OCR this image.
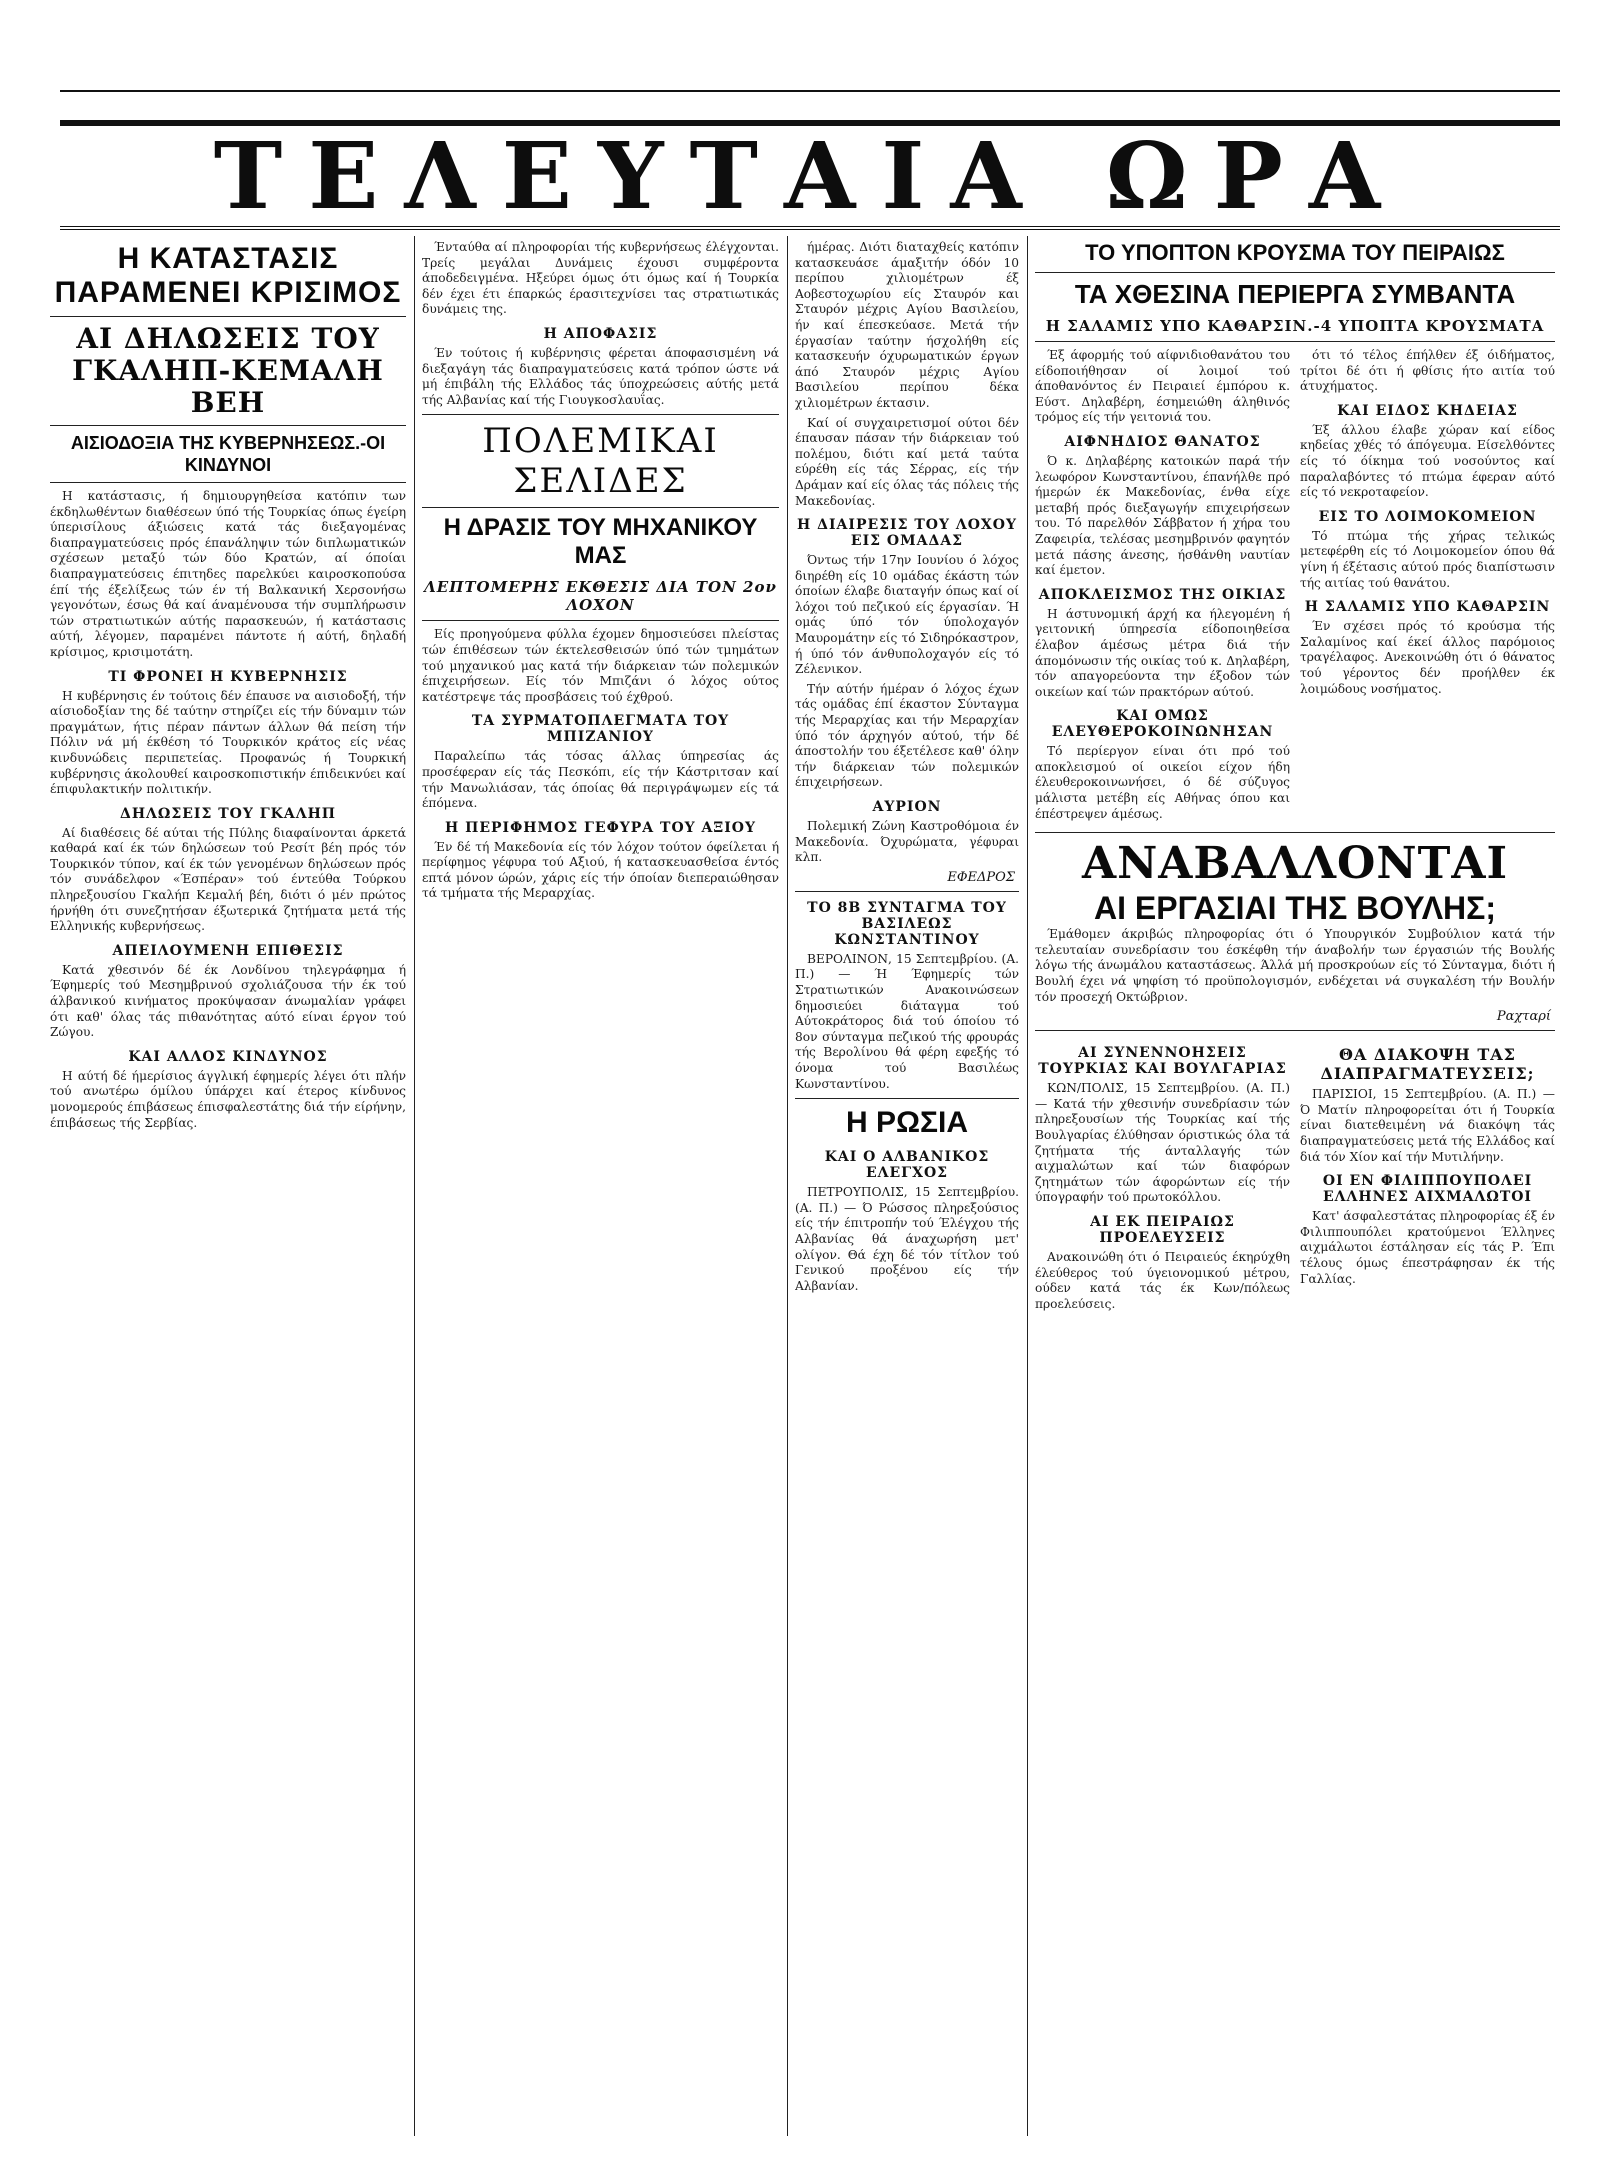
ΤΕΛΕΥΤΑΙΑ ΩΡΑ
Η ΚΑΤΑΣΤΑΣΙΣ ΠΑΡΑΜΕΝΕΙ ΚΡΙΣΙΜΟΣ
ΑΙ ΔΗΛΩΣΕΙΣ ΤΟΥ ΓΚΑΛΗΠ-ΚΕΜΑΛΗ ΒΕΗ
ΑΙΣΙΟΔΟΞΙΑ ΤΗΣ ΚΥΒΕΡΝΗΣΕΩΣ.-ΟΙ ΚΙΝΔΥΝΟΙ

Η κατάστασις, ή δημιουργηθείσα κατόπιν των έκδηλωθέντων διαθέσεων ύπό τής Τουρκίας όπως έγείρη ύπερισίλους άξιώσεις κατά τάς διεξαγομένας διαπραγματεύσεις πρός έπανάληψιν τών διπλωματικών σχέσεων μεταξύ τών δύο Κρατών, αί όποίαι διαπραγματεύσεις έπιτηδες παρελκύει καιροσκοπούσα έπί τής έξελίξεως τών έν τή Βαλκανική Χερσονήσω γεγονότων, έσως θά καί άναμένουσα τήν συμπλήρωσιν τών στρατιωτικών αύτής παρασκευών, ή κατάστασις αύτή, λέγομεν, παραμένει πάντοτε ή αύτή, δηλαδή κρίσιμος, κρισιμοτάτη.

ΤΙ ΦΡΟΝΕΙ Η ΚΥΒΕΡΝΗΣΙΣ

Η κυβέρνησις έν τούτοις δέν έπαυσε να αισιοδοξή, τήν αίσιοδοξίαν της δέ ταύτην στηρίζει είς τήν δύναμιν τών πραγμάτων, ήτις πέραν πάντων άλλων θά πείση τήν Πόλιν νά μή έκθέση τό Τουρκικόν κράτος είς νέας κινδυνώδεις περιπετείας. Προφανώς ή Τουρκική κυβέρνησις άκολουθεί καιροσκοπιστικήν έπιδεικνύει καί έπιφυλακτικήν πολιτικήν.

ΔΗΛΩΣΕΙΣ ΤΟΥ ΓΚΑΛΗΠ

Αί διαθέσεις δέ αύται τής Πύλης διαφαίνονται άρκετά καθαρά καί έκ τών δηλώσεων τού Ρεσίτ βέη πρός τόν Τουρκικόν τύπον, καί έκ τών γενομένων δηλώσεων πρός τόν συνάδελφον «Έσπέραν» τού έντεύθα Τούρκου πληρεξουσίου Γκαλήπ Κεμαλή βέη, διότι ό μέν πρώτος ήρνήθη ότι συνεζητήσαν έξωτερικά ζητήματα μετά τής Ελληνικής κυβερνήσεως.

ΑΠΕΙΛΟΥΜΕΝΗ ΕΠΙΘΕΣΙΣ

Κατά χθεσινόν δέ έκ Λονδίνου τηλεγράφημα ή Έφημερίς τού Μεσημβρινού σχολιάζουσα τήν έκ τού άλβανικού κινήματος προκύψασαν άνωμαλίαν γράφει ότι καθ' όλας τάς πιθανότητας αύτό είναι έργον τού Ζώγου.

ΚΑΙ ΑΛΛΟΣ ΚΙΝΔΥΝΟΣ

Η αύτή δέ ήμερίσιος άγγλική έφημερίς λέγει ότι πλήν τού ανωτέρω όμίλου ύπάρχει καί έτερος κίνδυνος μονομερούς έπιβάσεως έπισφαλεστάτης διά τήν είρήνην, έπιβάσεως τής Σερβίας.

Ένταύθα αί πληροφορίαι τής κυβερνήσεως έλέγχονται. Τρείς μεγάλαι Δυνάμεις έχουσι συμφέροντα άποδεδειγμένα. Ηξεύρει όμως ότι όμως καί ή Τουρκία δέν έχει έτι έπαρκώς έρασιτεχνίσει τας στρατιωτικάς δυνάμεις της.

Η ΑΠΟΦΑΣΙΣ

Έν τούτοις ή κυβέρνησις φέρεται άποφασισμένη νά διεξαγάγη τάς διαπραγματεύσεις κατά τρόπον ώστε νά μή έπιβάλη τής Ελλάδος τάς ύποχρεώσεις αύτής μετά τής Αλβανίας καί τής Γιουγκοσλαυΐας.

ΠΟΛΕΜΙΚΑΙ ΣΕΛΙΔΕΣ
Η ΔΡΑΣΙΣ ΤΟΥ ΜΗΧΑΝΙΚΟΥ ΜΑΣ
ΛΕΠΤΟΜΕΡΗΣ ΕΚΘΕΣΙΣ ΔΙΑ ΤΟΝ 2ον ΛΟΧΟΝ

Είς προηγούμενα φύλλα έχομεν δημοσιεύσει πλείστας τών έπιθέσεων τών έκτελεσθεισών ύπό τών τμημάτων τού μηχανικού μας κατά τήν διάρκειαν τών πολεμικών έπιχειρήσεων. Είς τόν Μπιζάνι ό λόχος ούτος κατέστρεψε τάς προσβάσεις τού έχθρού.

ΤΑ ΣΥΡΜΑΤΟΠΛΕΓΜΑΤΑ ΤΟΥ ΜΠΙΖΑΝΙΟΥ

Παραλείπω τάς τόσας άλλας ύπηρεσίας άς προσέφεραν είς τάς Πεσκόπι, είς τήν Κάστριτσαν καί τήν Μανωλιάσαν, τάς όποίας θά περιγράψωμεν είς τά έπόμενα.

Η ΠΕΡΙΦΗΜΟΣ ΓΕΦΥΡΑ ΤΟΥ ΑΞΙΟΥ

Έν δέ τή Μακεδονία είς τόν λόχον τούτον όφείλεται ή περίφημος γέφυρα τού Αξιού, ή κατασκευασθείσα έντός επτά μόνον ώρών, χάρις είς τήν όποίαν διεπεραιώθησαν τά τμήματα τής Μεραρχίας.

ήμέρας. Διότι διαταχθείς κατόπιν κατασκευάσε άμαξιτήν όδόν 10 περίπου χιλιομέτρων έξ Αοβεστοχωρίου είς Σταυρόν και Σταυρόν μέχρις Αγίου Βασιλείου, ήν καί έπεσκεύασε. Μετά τήν έργασίαν ταύτην ήσχολήθη είς κατασκευήν όχυρωματικών έργων άπό Σταυρόν μέχρις Αγίου Βασιλείου περίπου δέκα χιλιομέτρων έκτασιν.

Καί οί συγχαιρετισμοί ούτοι δέν έπαυσαν πάσαν τήν διάρκειαν τού πολέμου, διότι καί μετά ταύτα εύρέθη είς τάς Σέρρας, είς τήν Δράμαν καί είς όλας τάς πόλεις τής Μακεδονίας.

Η ΔΙΑΙΡΕΣΙΣ ΤΟΥ ΛΟΧΟΥ ΕΙΣ ΟΜΑΔΑΣ

Όντως τήν 17ην Ιουνίου ό λόχος διηρέθη είς 10 ομάδας έκάστη τών όποίων έλαβε διαταγήν όπως καί οί λόχοι τού πεζικού είς έργασίαν. Ή ομάς ύπό τόν ύπολοχαγόν Μαυρομάτην είς τό Σιδηρόκαστρον, ή ύπό τόν άνθυπολοχαγόν είς τό Ζέλενικον.

Τήν αύτήν ήμέραν ό λόχος έχων τάς ομάδας έπί έκαστον Σύνταγμα τής Μεραρχίας και τήν Μεραρχίαν ύπό τόν άρχηγόν αύτού, τήν δέ άποστολήν του έξετέλεσε καθ' όλην τήν διάρκειαν τών πολεμικών έπιχειρήσεων.

ΑΥΡΙΟΝ

Πολεμική Ζώνη Καστροθόμοια έν Μακεδονία. Όχυρώματα, γέφυραι κλπ.

ΕΦΕΔΡΟΣ
ΤΟ 8Β ΣΥΝΤΑΓΜΑ ΤΟΥ ΒΑΣΙΛΕΩΣ ΚΩΝΣΤΑΝΤΙΝΟΥ

ΒΕΡΟΛΙΝΟΝ, 15 Σεπτεμβρίου. (Α. Π.) — Ή Έφημερίς τών Στρατιωτικών Ανακοινώσεων δημοσιεύει διάταγμα τού Αύτοκράτορος διά τού όποίου τό 8ον σύνταγμα πεζικού τής φρουράς τής Βερολίνου θά φέρη εφεξής τό όνομα τού Βασιλέως Κωνσταντίνου.

Η ΡΩΣΙΑ
ΚΑΙ Ο ΑΛΒΑΝΙΚΟΣ ΕΛΕΓΧΟΣ

ΠΕΤΡΟΥΠΟΛΙΣ, 15 Σεπτεμβρίου. (Α. Π.) — Ό Ρώσσος πληρεξούσιος είς τήν έπιτροπήν τού Έλέγχου τής Αλβανίας θά άναχωρήση μετ' ολίγον. Θά έχη δέ τόν τίτλον τού Γενικού προξένου είς τήν Αλβανίαν.

ΤΟ ΥΠΟΠΤΟΝ ΚΡΟΥΣΜΑ ΤΟΥ ΠΕΙΡΑΙΩΣ
ΤΑ ΧΘΕΣΙΝΑ ΠΕΡΙΕΡΓΑ ΣΥΜΒΑΝΤΑ
Η ΣΑΛΑΜΙΣ ΥΠΟ ΚΑΘΑΡΣΙΝ.-4 ΥΠΟΠΤΑ ΚΡΟΥΣΜΑΤΑ

Έξ άφορμής τού αίφνιδιοθανάτου του είδοποιήθησαν οί λοιμοί τού άποθανόντος έν Πειραιεί έμπόρου κ. Εύστ. Δηλαβέρη, έσημειώθη άληθινός τρόμος είς τήν γειτονιά του.

ΑΙΦΝΗΔΙΟΣ ΘΑΝΑΤΟΣ

Ό κ. Δηλαβέρης κατοικών παρά τήν λεωφόρον Κωνσταντίνου, έπανήλθε πρό ήμερών έκ Μακεδονίας, ένθα είχε μεταβή πρός διεξαγωγήν επιχειρήσεων του. Τό παρελθόν Σάββατον ή χήρα του Ζαφειρία, τελέσας μεσημβρινόν φαγητόν μετά πάσης άνεσης, ήσθάνθη ναυτίαν καί έμετον.

ΑΠΟΚΛΕΙΣΜΟΣ ΤΗΣ ΟΙΚΙΑΣ

Η άστυνομική άρχή κα ήλεγομένη ή γειτονική ύπηρεσία είδοποιηθείσα έλαβον άμέσως μέτρα διά τήν άπομόνωσιν τής οικίας τού κ. Δηλαβέρη, τόν απαγορεύοντα την έξοδον τών οικείων καί τών πρακτόρων αύτού.

ΚΑΙ ΟΜΩΣ ΕΛΕΥΘΕΡΟΚΟΙΝΩΝΗΣΑΝ

Τό περίεργον είναι ότι πρό τού αποκλεισμού οί οικείοι είχον ήδη έλευθεροκοινωνήσει, ό δέ σύζυγος μάλιστα μετέβη είς Αθήνας όπου και έπέστρεψεν άμέσως.

ότι τό τέλος έπήλθεν έξ όιδήματος, τρίτοι δέ ότι ή φθίσις ήτο αιτία τού άτυχήματος.

ΚΑΙ ΕΙΔΟΣ ΚΗΔΕΙΑΣ

Έξ άλλου έλαβε χώραν καί είδος κηδείας χθές τό άπόγευμα. Είσελθόντες είς τό όίκημα τού νοσούντος καί παραλαβόντες τό πτώμα έφεραν αύτό είς τό νεκροταφείον.

ΕΙΣ ΤΟ ΛΟΙΜΟΚΟΜΕΙΟΝ

Τό πτώμα τής χήρας τελικώς μετεφέρθη είς τό Λοιμοκομείον όπου θά γίνη ή έξέτασις αύτού πρός διαπίστωσιν τής αιτίας τού θανάτου.

Η ΣΑΛΑΜΙΣ ΥΠΟ ΚΑΘΑΡΣΙΝ

Έν σχέσει πρός τό κρούσμα τής Σαλαμίνος καί έκεί άλλος παρόμοιος τραγέλαφος. Ανεκοινώθη ότι ό θάνατος τού γέροντος δέν προήλθεν έκ λοιμώδους νοσήματος.

ΑΝΑΒΑΛΛΟΝΤΑΙ
ΑΙ ΕΡΓΑΣΙΑΙ ΤΗΣ ΒΟΥΛΗΣ;

Έμάθομεν άκριβώς πληροφορίας ότι ό Υπουργικόν Συμβούλιον κατά τήν τελευταίαν συνεδρίασιν του έσκέφθη τήν άναβολήν των έργασιών τής Βουλής λόγω τής άνωμάλου καταστάσεως. Άλλά μή προσκρούων είς τό Σύνταγμα, διότι ή Βουλή έχει νά ψηφίση τό προϋπολογισμόν, ενδέχεται νά συγκαλέση τήν Βουλήν τόν προσεχή Οκτώβριον.

Ραχταρί
ΑΙ ΣΥΝΕΝΝΟΗΣΕΙΣ ΤΟΥΡΚΙΑΣ ΚΑΙ ΒΟΥΛΓΑΡΙΑΣ

ΚΩΝ/ΠΟΛΙΣ, 15 Σεπτεμβρίου. (Α. Π.) — Κατά τήν χθεσινήν συνεδρίασιν τών πληρεξουσίων τής Τουρκίας καί τής Βουλγαρίας έλύθησαν όριστικώς όλα τά ζητήματα τής άνταλλαγής τών αιχμαλώτων καί τών διαφόρων ζητημάτων τών άφορώντων είς τήν ύπογραφήν τού πρωτοκόλλου.

ΑΙ ΕΚ ΠΕΙΡΑΙΩΣ ΠΡΟΕΛΕΥΣΕΙΣ

Ανακοινώθη ότι ό Πειραιεύς έκηρύχθη έλεύθερος τού ύγειονομικού μέτρου, ούδεν κατά τάς έκ Κων/πόλεως προελεύσεις.

ΘΑ ΔΙΑΚΟΨΗ ΤΑΣ ΔΙΑΠΡΑΓΜΑΤΕΥΣΕΙΣ;

ΠΑΡΙΣΙΟΙ, 15 Σεπτεμβρίου. (Α. Π.) — Ό Ματίν πληροφορείται ότι ή Τουρκία είναι διατεθειμένη νά διακόψη τάς διαπραγματεύσεις μετά τής Ελλάδος καί διά τόν Χίον καί τήν Μυτιλήνην.

ΟΙ ΕΝ ΦΙΛΙΠΠΟΥΠΟΛΕΙ ΕΛΛΗΝΕΣ ΑΙΧΜΑΛΩΤΟΙ

Κατ' άσφαλεστάτας πληροφορίας έξ έν Φιλιππουπόλει κρατούμενοι Έλληνες αιχμάλωτοι έστάλησαν είς τάς Ρ. Έπι τέλους όμως έπεστράφησαν έκ τής Γαλλίας.
